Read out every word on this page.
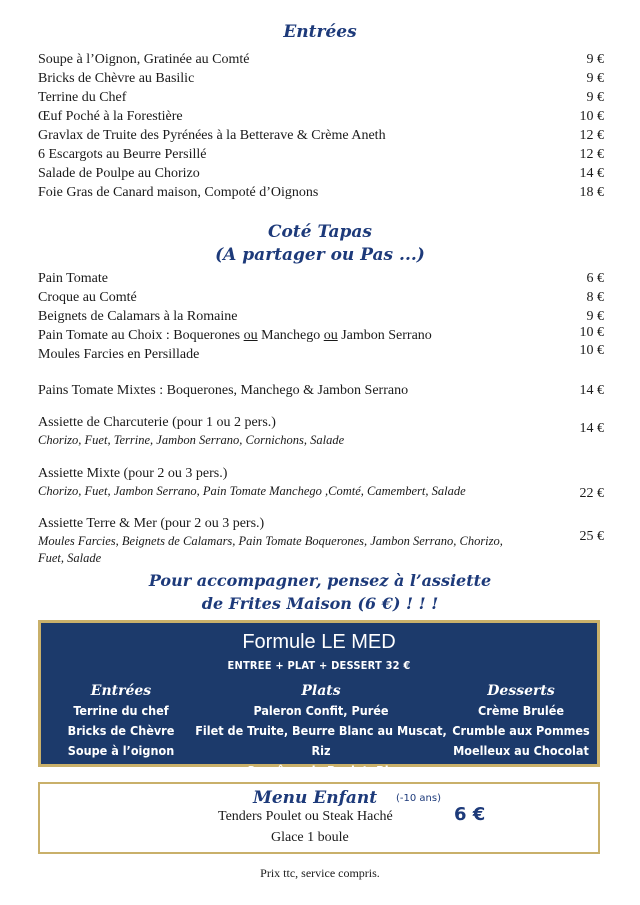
Entrées
Soupe à l’Oignon, Gratinée au Comté	9 €
Bricks de Chèvre au Basilic	9 €
Terrine du Chef	9 €
Œuf Poché à la Forestière	10 €
Gravlax de Truite des Pyrénées à la Betterave & Crème Aneth	12 €
6 Escargots au Beurre Persillé	12 €
Salade de Poulpe au Chorizo	14 €
Foie Gras de Canard maison, Compoté d’Oignons	18 €
Coté Tapas
(A partager ou Pas ...)
Pain Tomate	6 €
Croque au Comté	8 €
Beignets de Calamars à la Romaine	9 €
Pain Tomate au Choix : Boquerones ou Manchego ou Jambon Serrano	10 €
Moules Farcies en Persillade	10 €
Pains Tomate Mixtes : Boquerones, Manchego & Jambon Serrano	14 €
Assiette de Charcuterie (pour 1 ou 2 pers.)
Chorizo, Fuet, Terrine, Jambon Serrano, Cornichons, Salade
14 €
Assiette Mixte (pour 2 ou 3 pers.)
Chorizo, Fuet, Jambon Serrano, Pain Tomate Manchego ,Comté, Camembert, Salade	22 €
Assiette Terre & Mer (pour 2 ou 3 pers.)
Moules Farcies, Beignets de Calamars, Pain Tomate Boquerones, Jambon Serrano, Chorizo, Fuet, Salade
25 €
Pour accompagner, pensez à l’assiette
de Frites Maison (6 €) ! ! !
Formule LE MED
ENTREE + PLAT + DESSERT 32 €
Entrées
Terrine du chef
Bricks de Chèvre
Soupe à l’oignon
Plats
Paleron Confit, Purée
Filet de Truite, Beurre Blanc au Muscat, Riz
Suprême de Poulet, Riz
Desserts
Crème Brulée
Crumble aux Pommes
Moelleux au Chocolat
Menu Enfant (-10 ans)
6 €
Tenders Poulet ou Steak Haché
Glace 1 boule
Prix ttc, service compris.
